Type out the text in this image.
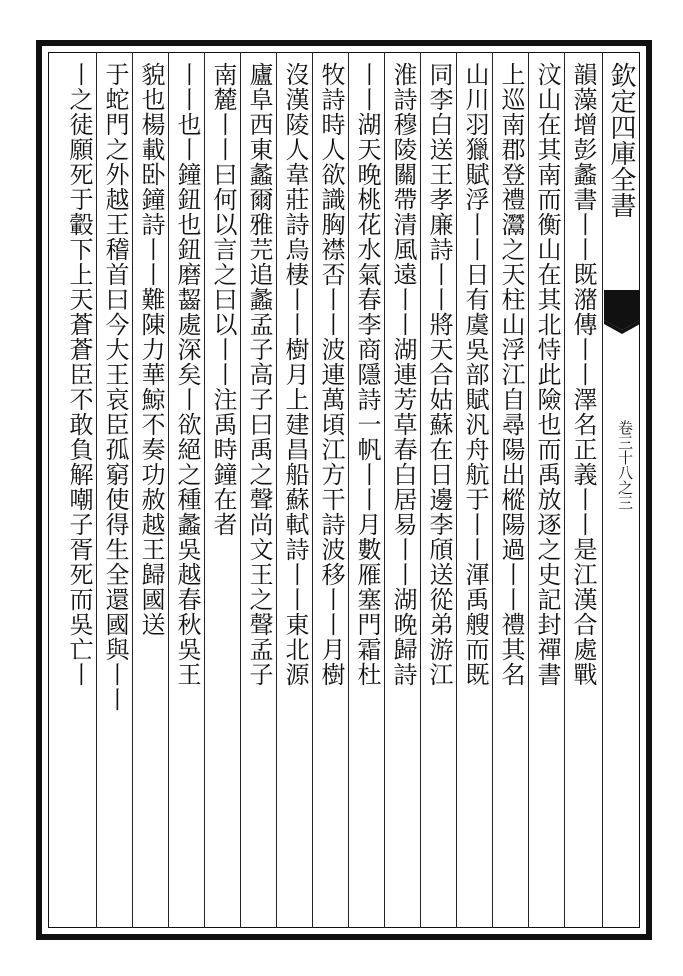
欽定四庫全書
卷三十八之三
韻藻增彭蠡書丨丨既潴傳丨丨澤名正義丨丨是江漢合處戰
汶山在其南而衡山在其北恃此險也而禹放逐之史記封禪書
上巡南郡登禮灊之天柱山浮江自尋陽出樅陽過丨丨禮其名
山川羽獵賦浮丨丨日有虞吳部賦汎舟航于丨丨渾禹艘而既
同李白送王孝廉詩丨丨將天合姑蘇在日邊李頎送從弟游江
淮詩穆陵關帶清風遠丨丨湖連芳草春白居易丨丨湖晚歸詩
丨丨湖天晚桃花水氣春李商隱詩一帆丨丨月數雁塞門霜杜
牧詩時人欲識胸襟否丨丨波連萬頃江方干詩波移丨丨月樹
沒漢陵人韋莊詩烏棲丨丨樹月上建昌船蘇軾詩丨丨東北源
廬阜西東蠡爾雅芫追蠡孟子高子曰禹之聲尚文王之聲孟子
南麓丨丨曰何以言之曰以丨丨注禹時鐘在者
丨丨也丨鐘鈕也鈕磨齧處深矣丨欲絕之種蠡吳越春秋吳王
貌也楊載卧鐘詩丨丨難陳力華鯨不奏功赦越王歸國送
于蛇門之外越王稽首曰今大王哀臣孤窮使得生全還國與丨丨
丨之徒願死于轂下上天蒼蒼臣不敢負解嘲子胥死而吳亡丨
